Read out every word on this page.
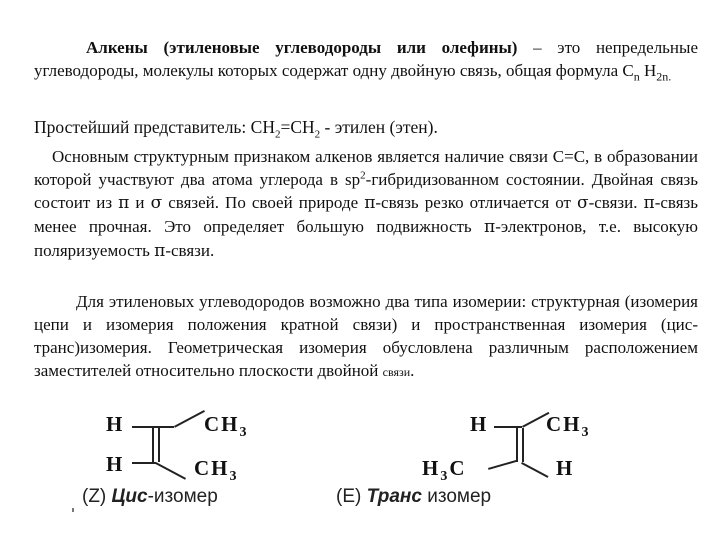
Алкены (этиленовые углеводороды или олефины) – это непредельные углеводороды, молекулы которых содержат одну двойную связь, общая формула $C_n$ $H_{2n.}$
Простейший представитель: $CH_2=CH_2$ - этилен (этен).
Основным структурным признаком алкенов является наличие связи С=С, в образовании которой участвуют два атома углерода в $sp^2$-гибридизованном состоянии. Двойная связь состоит из π и σ связей. По своей природе π-связь резко отличается от σ-связи. π-связь менее прочная. Это определяет большую подвижность π-электронов, т.е. высокую поляризуемость π-связи.
Для этиленовых углеводородов возможно два типа изомерии: структурная (изомерия цепи и изомерия положения кратной связи) и пространственная изомерия (цис-транс)изомерия. Геометрическая изомерия обусловлена различным расположением заместителей относительно плоскости двойной связи.
H	$CH_3$
H	$CH_3$
(Z) Цис-изомер
H	$CH_3$
$H_3C$	H
(E) Транс изомер
